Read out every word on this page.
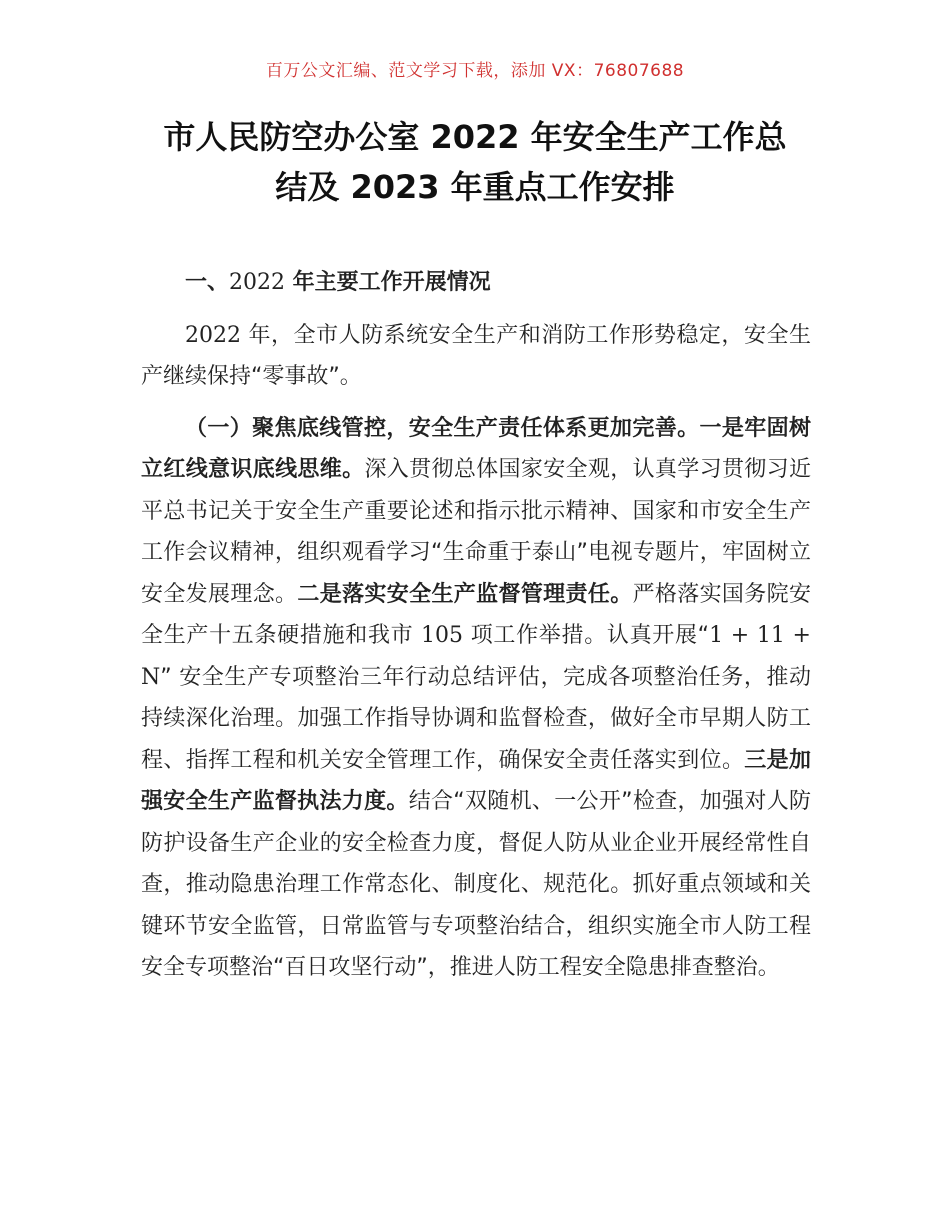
百万公文汇编、范文学习下载，添加 VX：76807688
市人民防空办公室 2022 年安全生产工作总
结及 2023 年重点工作安排

一、2022 年主要工作开展情况

2022 年，全市人防系统安全生产和消防工作形势稳定，安全生产继续保持“零事故”。

（一）聚焦底线管控，安全生产责任体系更加完善。一是牢固树立红线意识底线思维。深入贯彻总体国家安全观，认真学习贯彻习近平总书记关于安全生产重要论述和指示批示精神、国家和市安全生产工作会议精神，组织观看学习“生命重于泰山”电视专题片，牢固树立安全发展理念。二是落实安全生产监督管理责任。严格落实国务院安全生产十五条硬措施和我市 105 项工作举措。认真开展“1 + 11 + N” 安全生产专项整治三年行动总结评估，完成各项整治任务，推动持续深化治理。加强工作指导协调和监督检查，做好全市早期人防工程、指挥工程和机关安全管理工作，确保安全责任落实到位。三是加强安全生产监督执法力度。结合“双随机、一公开”检查，加强对人防防护设备生产企业的安全检查力度，督促人防从业企业开展经常性自查，推动隐患治理工作常态化、制度化、规范化。抓好重点领域和关键环节安全监管，日常监管与专项整治结合，组织实施全市人防工程安全专项整治“百日攻坚行动”，推进人防工程安全隐患排查整治。
